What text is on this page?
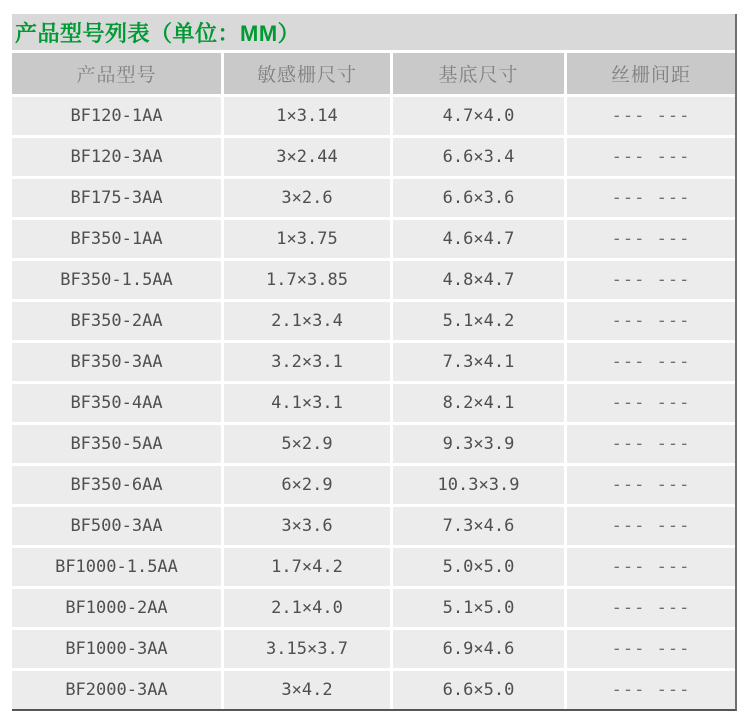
产品型号列表（单位：MM）
产品型号	敏感栅尺寸	基底尺寸	丝栅间距
BF120-1AA	1×3.14	4.7×4.0	--- ---
BF120-3AA	3×2.44	6.6×3.4	--- ---
BF175-3AA	3×2.6	6.6×3.6	--- ---
BF350-1AA	1×3.75	4.6×4.7	--- ---
BF350-1.5AA	1.7×3.85	4.8×4.7	--- ---
BF350-2AA	2.1×3.4	5.1×4.2	--- ---
BF350-3AA	3.2×3.1	7.3×4.1	--- ---
BF350-4AA	4.1×3.1	8.2×4.1	--- ---
BF350-5AA	5×2.9	9.3×3.9	--- ---
BF350-6AA	6×2.9	10.3×3.9	--- ---
BF500-3AA	3×3.6	7.3×4.6	--- ---
BF1000-1.5AA	1.7×4.2	5.0×5.0	--- ---
BF1000-2AA	2.1×4.0	5.1×5.0	--- ---
BF1000-3AA	3.15×3.7	6.9×4.6	--- ---
BF2000-3AA	3×4.2	6.6×5.0	--- ---
